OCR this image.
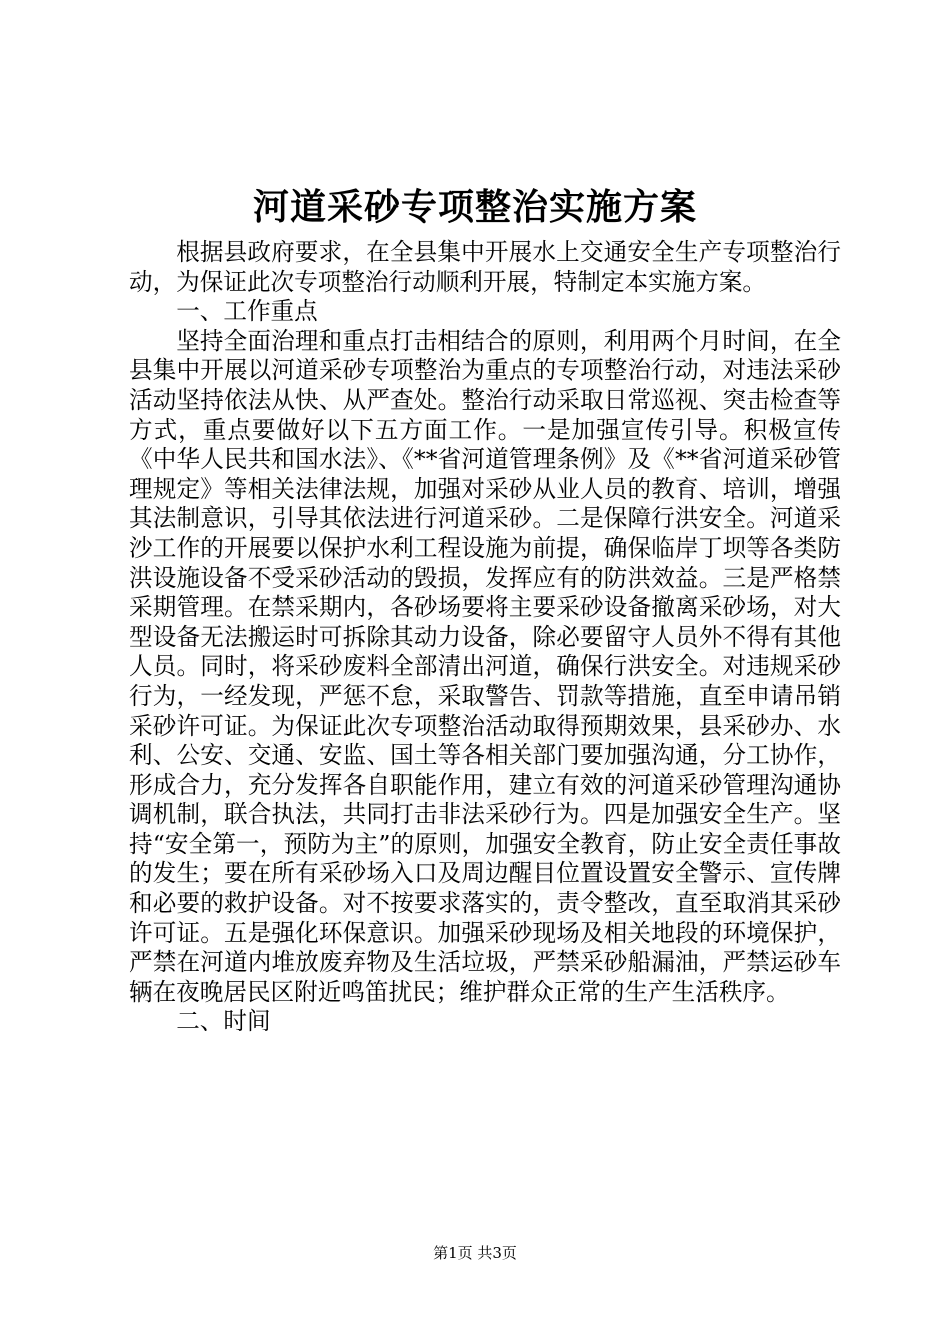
河道采砂专项整治实施方案

根据县政府要求，在全县集中开展水上交通安全生产专项整治行动，为保证此次专项整治行动顺利开展，特制定本实施方案。

一、工作重点

坚持全面治理和重点打击相结合的原则，利用两个月时间，在全县集中开展以河道采砂专项整治为重点的专项整治行动，对违法采砂活动坚持依法从快、从严查处。整治行动采取日常巡视、突击检查等方式，重点要做好以下五方面工作。一是加强宣传引导。积极宣传《中华人民共和国水法》、《**省河道管理条例》及《**省河道采砂管理规定》等相关法律法规，加强对采砂从业人员的教育、培训，增强其法制意识，引导其依法进行河道采砂。二是保障行洪安全。河道采沙工作的开展要以保护水利工程设施为前提，确保临岸丁坝等各类防洪设施设备不受采砂活动的毁损，发挥应有的防洪效益。三是严格禁采期管理。在禁采期内，各砂场要将主要采砂设备撤离采砂场，对大型设备无法搬运时可拆除其动力设备，除必要留守人员外不得有其他人员。同时，将采砂废料全部清出河道，确保行洪安全。对违规采砂行为，一经发现，严惩不怠，采取警告、罚款等措施，直至申请吊销采砂许可证。为保证此次专项整治活动取得预期效果，县采砂办、水利、公安、交通、安监、国土等各相关部门要加强沟通，分工协作，形成合力，充分发挥各自职能作用，建立有效的河道采砂管理沟通协调机制，联合执法，共同打击非法采砂行为。四是加强安全生产。坚持“安全第一，预防为主”的原则，加强安全教育，防止安全责任事故的发生；要在所有采砂场入口及周边醒目位置设置安全警示、宣传牌和必要的救护设备。对不按要求落实的，责令整改，直至取消其采砂许可证。五是强化环保意识。加强采砂现场及相关地段的环境保护，严禁在河道内堆放废弃物及生活垃圾，严禁采砂船漏油，严禁运砂车辆在夜晚居民区附近鸣笛扰民；维护群众正常的生产生活秩序。

二、时间

第1页 共3页
